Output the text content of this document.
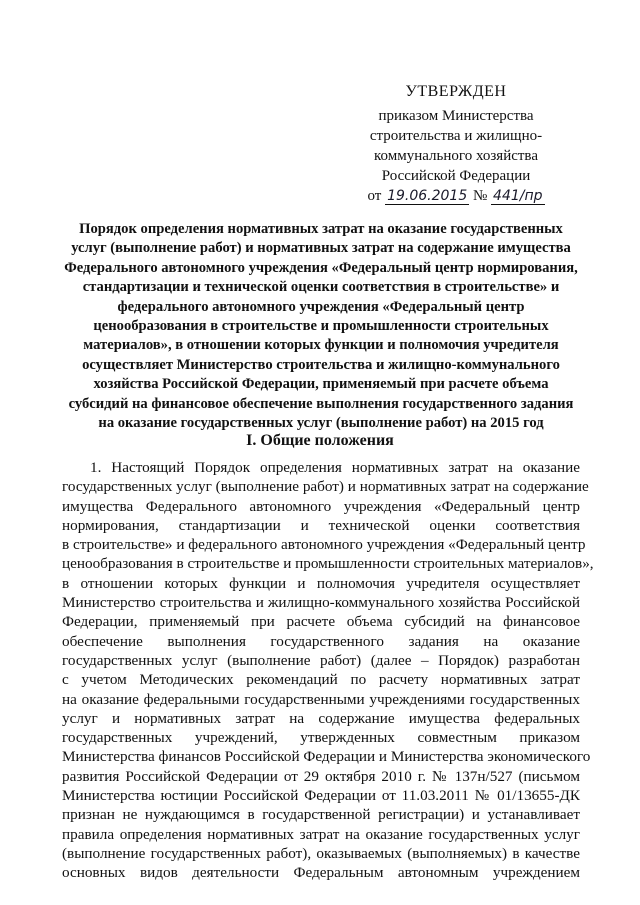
УТВЕРЖДЕН
приказом Министерства
строительства и жилищно-
коммунального хозяйства
Российской Федерации
от 19.06.2015 № 441/пр
Порядок определения нормативных затрат на оказание государственных
услуг (выполнение работ) и нормативных затрат на содержание имущества
Федерального автономного учреждения «Федеральный центр нормирования,
стандартизации и технической оценки соответствия в строительстве» и
федерального автономного учреждения «Федеральный центр
ценообразования в строительстве и промышленности строительных
материалов», в отношении которых функции и полномочия учредителя
осуществляет Министерство строительства и жилищно-коммунального
хозяйства Российской Федерации, применяемый при расчете объема
субсидий на финансовое обеспечение выполнения государственного задания
на оказание государственных услуг (выполнение работ) на 2015 год
I. Общие положения
1. Настоящий Порядок определения нормативных затрат на оказание
государственных услуг (выполнение работ) и нормативных затрат на содержание
имущества Федерального автономного учреждения «Федеральный центр
нормирования, стандартизации и технической оценки соответствия
в строительстве» и федерального автономного учреждения «Федеральный центр
ценообразования в строительстве и промышленности строительных материалов»,
в отношении которых функции и полномочия учредителя осуществляет
Министерство строительства и жилищно-коммунального хозяйства Российской
Федерации, применяемый при расчете объема субсидий на финансовое
обеспечение выполнения государственного задания на оказание
государственных услуг (выполнение работ) (далее – Порядок) разработан
с учетом Методических рекомендаций по расчету нормативных затрат
на оказание федеральными государственными учреждениями государственных
услуг и нормативных затрат на содержание имущества федеральных
государственных учреждений, утвержденных совместным приказом
Министерства финансов Российской Федерации и Министерства экономического
развития Российской Федерации от 29 октября 2010 г. № 137н/527 (письмом
Министерства юстиции Российской Федерации от 11.03.2011 № 01/13655-ДК
признан не нуждающимся в государственной регистрации) и устанавливает
правила определения нормативных затрат на оказание государственных услуг
(выполнение государственных работ), оказываемых (выполняемых) в качестве
основных видов деятельности Федеральным автономным учреждением
